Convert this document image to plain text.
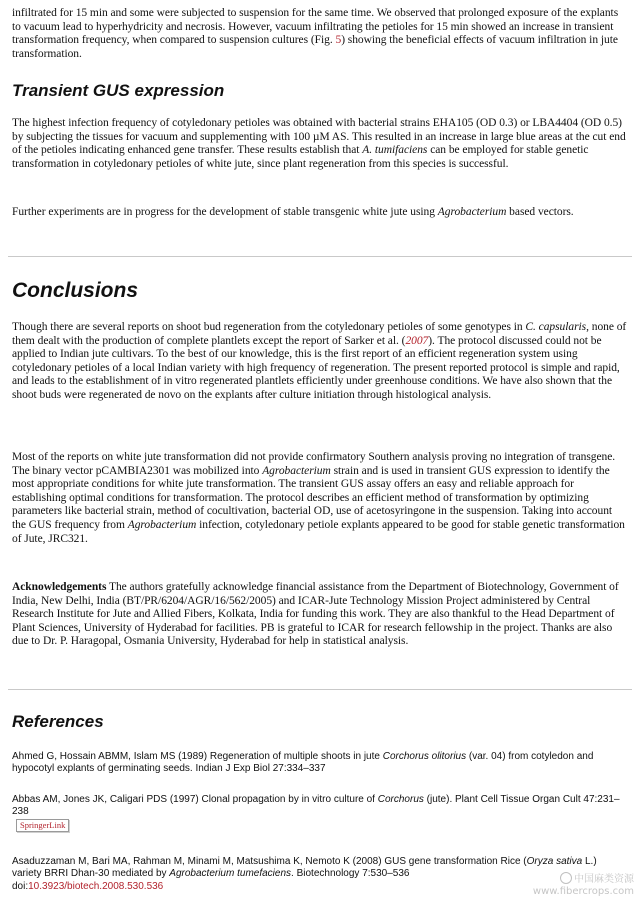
infiltrated for 15 min and some were subjected to suspension for the same time. We observed that prolonged exposure of the explants to vacuum lead to hyperhydricity and necrosis. However, vacuum infiltrating the petioles for 15 min showed an increase in transient transformation frequency, when compared to suspension cultures (Fig. 5) showing the beneficial effects of vacuum infiltration in jute transformation.

Transient GUS expression

The highest infection frequency of cotyledonary petioles was obtained with bacterial strains EHA105 (OD 0.3) or LBA4404 (OD 0.5) by subjecting the tissues for vacuum and supplementing with 100 µM AS. This resulted in an increase in large blue areas at the cut end of the petioles indicating enhanced gene transfer. These results establish that A. tumifaciens can be employed for stable genetic transformation in cotyledonary petioles of white jute, since plant regeneration from this species is successful.

Further experiments are in progress for the development of stable transgenic white jute using Agrobacterium based vectors.

Conclusions

Though there are several reports on shoot bud regeneration from the cotyledonary petioles of some genotypes in C. capsularis, none of them dealt with the production of complete plantlets except the report of Sarker et al. (2007). The protocol discussed could not be applied to Indian jute cultivars. To the best of our knowledge, this is the first report of an efficient regeneration system using cotyledonary petioles of a local Indian variety with high frequency of regeneration. The present reported protocol is simple and rapid, and leads to the establishment of in vitro regenerated plantlets efficiently under greenhouse conditions. We have also shown that the shoot buds were regenerated de novo on the explants after culture initiation through histological analysis.

Most of the reports on white jute transformation did not provide confirmatory Southern analysis proving no integration of transgene. The binary vector pCAMBIA2301 was mobilized into Agrobacterium strain and is used in transient GUS expression to identify the most appropriate conditions for white jute transformation. The transient GUS assay offers an easy and reliable approach for establishing optimal conditions for transformation. The protocol describes an efficient method of transformation by optimizing parameters like bacterial strain, method of cocultivation, bacterial OD, use of acetosyringone in the suspension. Taking into account the GUS frequency from Agrobacterium infection, cotyledonary petiole explants appeared to be good for stable genetic transformation of Jute, JRC321.

Acknowledgements The authors gratefully acknowledge financial assistance from the Department of Biotechnology, Government of India, New Delhi, India (BT/PR/6204/AGR/16/562/2005) and ICAR-Jute Technology Mission Project administered by Central Research Institute for Jute and Allied Fibers, Kolkata, India for funding this work. They are also thankful to the Head Department of Plant Sciences, University of Hyderabad for facilities. PB is grateful to ICAR for research fellowship in the project. Thanks are also due to Dr. P. Haragopal, Osmania University, Hyderabad for help in statistical analysis.

References

Ahmed G, Hossain ABMM, Islam MS (1989) Regeneration of multiple shoots in jute Corchorus olitorius (var. 04) from cotyledon and hypocotyl explants of germinating seeds. Indian J Exp Biol 27:334–337

Abbas AM, Jones JK, Caligari PDS (1997) Clonal propagation by in vitro culture of Corchorus (jute). Plant Cell Tissue Organ Cult 47:231–238

SpringerLink

Asaduzzaman M, Bari MA, Rahman M, Minami M, Matsushima K, Nemoto K (2008) GUS gene transformation Rice (Oryza sativa L.) variety BRRI Dhan-30 mediated by Agrobacterium tumefaciens. Biotechnology 7:530–536
doi:10.3923/biotech.2008.530.536

中国麻类资源
www.fibercrops.com
